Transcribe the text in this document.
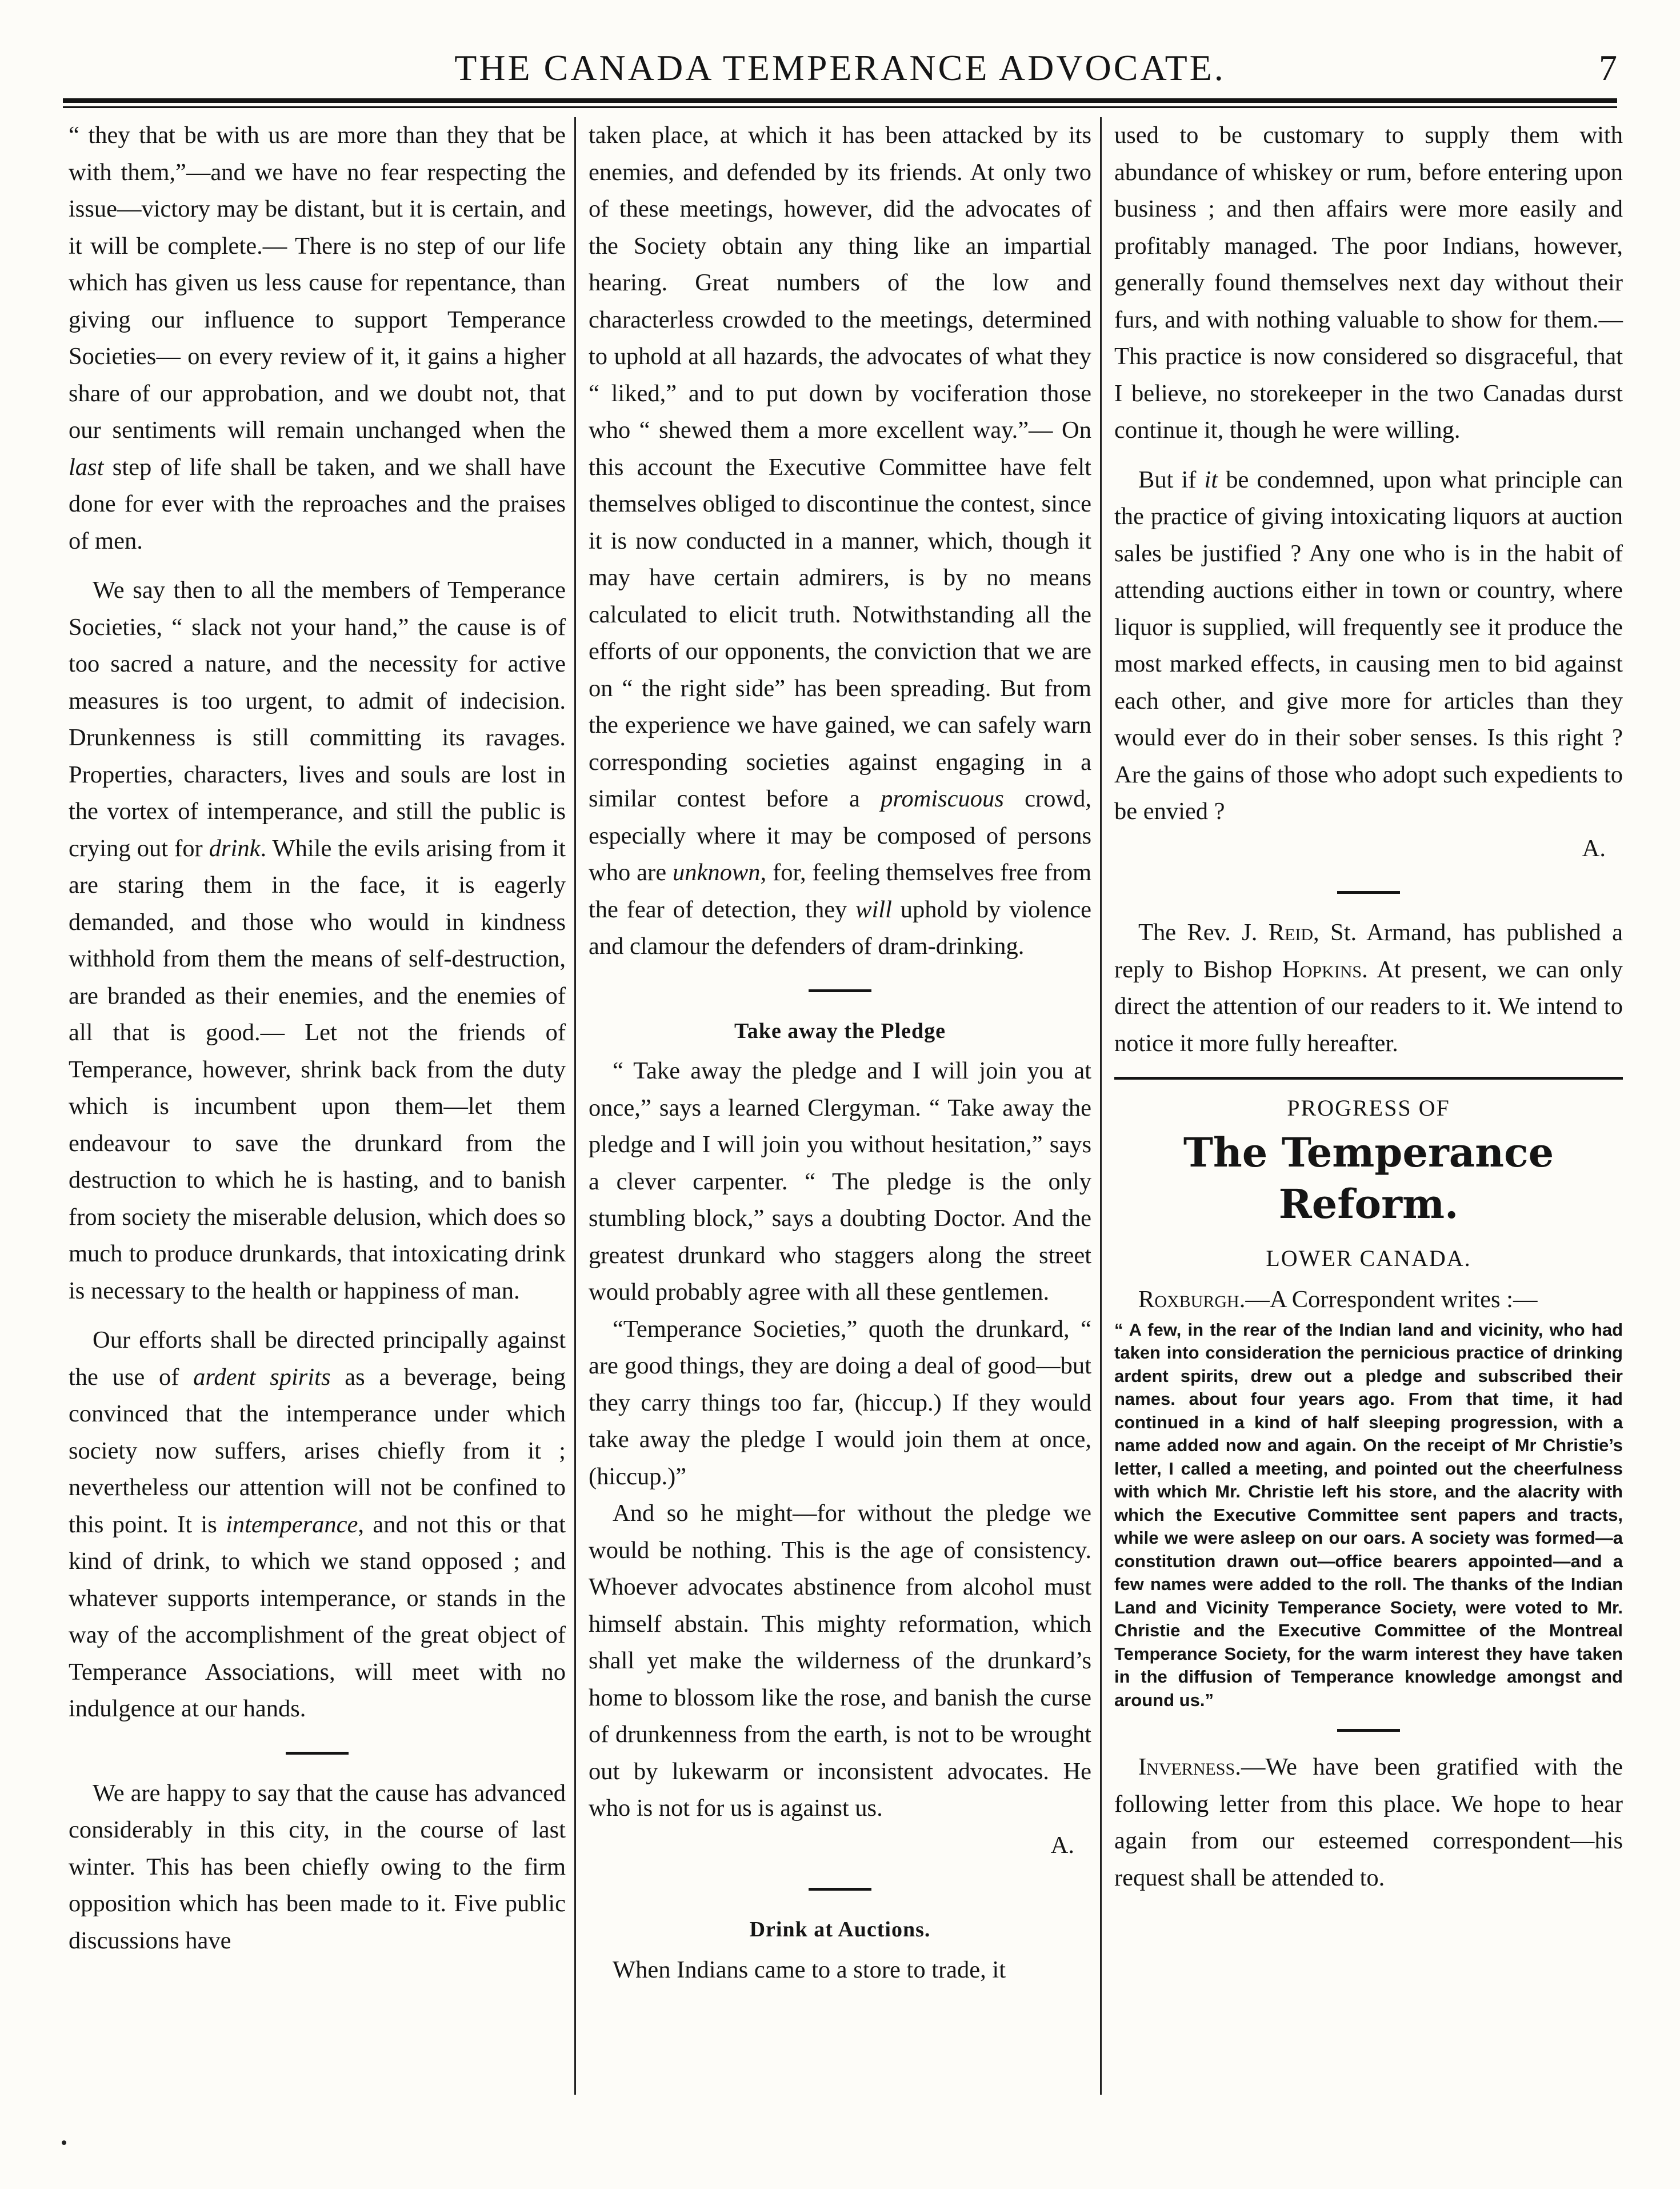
THE CANADA TEMPERANCE ADVOCATE.	7

“ they that be with us are more than they that be with them,”—and we have no fear respecting the issue—victory may be distant, but it is certain, and it will be complete.— There is no step of our life which has given us less cause for repentance, than giving our influence to support Temperance Societies— on every review of it, it gains a higher share of our approbation, and we doubt not, that our sentiments will remain unchanged when the last step of life shall be taken, and we shall have done for ever with the reproaches and the praises of men.

We say then to all the members of Temperance Societies, “ slack not your hand,” the cause is of too sacred a nature, and the necessity for active measures is too urgent, to admit of indecision. Drunkenness is still committing its ravages. Properties, characters, lives and souls are lost in the vortex of intemperance, and still the public is crying out for drink. While the evils arising from it are staring them in the face, it is eagerly demanded, and those who would in kindness withhold from them the means of self-destruction, are branded as their enemies, and the enemies of all that is good.— Let not the friends of Temperance, however, shrink back from the duty which is incumbent upon them—let them endeavour to save the drunkard from the destruction to which he is hasting, and to banish from society the miserable delusion, which does so much to produce drunkards, that intoxicating drink is necessary to the health or happiness of man.

Our efforts shall be directed principally against the use of ardent spirits as a beverage, being convinced that the intemperance under which society now suffers, arises chiefly from it ; nevertheless our attention will not be confined to this point. It is intemperance, and not this or that kind of drink, to which we stand opposed ; and whatever supports intemperance, or stands in the way of the accomplishment of the great object of Temperance Associations, will meet with no indulgence at our hands.

We are happy to say that the cause has advanced considerably in this city, in the course of last winter. This has been chiefly owing to the firm opposition which has been made to it. Five public discussions have

taken place, at which it has been attacked by its enemies, and defended by its friends. At only two of these meetings, however, did the advocates of the Society obtain any thing like an impartial hearing. Great numbers of the low and characterless crowded to the meetings, determined to uphold at all hazards, the advocates of what they “ liked,” and to put down by vociferation those who “ shewed them a more excellent way.”— On this account the Executive Committee have felt themselves obliged to discontinue the contest, since it is now conducted in a manner, which, though it may have certain admirers, is by no means calculated to elicit truth. Notwithstanding all the efforts of our opponents, the conviction that we are on “ the right side” has been spreading. But from the experience we have gained, we can safely warn corresponding societies against engaging in a similar contest before a promiscuous crowd, especially where it may be composed of persons who are unknown, for, feeling themselves free from the fear of detection, they will uphold by violence and clamour the defenders of dram-drinking.

Take away the Pledge

“ Take away the pledge and I will join you at once,” says a learned Clergyman. “ Take away the pledge and I will join you without hesitation,” says a clever carpenter. “ The pledge is the only stumbling block,” says a doubting Doctor. And the greatest drunkard who staggers along the street would probably agree with all these gentlemen.

“Temperance Societies,” quoth the drunkard, “ are good things, they are doing a deal of good—but they carry things too far, (hiccup.) If they would take away the pledge I would join them at once, (hiccup.)”

And so he might—for without the pledge we would be nothing. This is the age of consistency. Whoever advocates abstinence from alcohol must himself abstain. This mighty reformation, which shall yet make the wilderness of the drunkard’s home to blossom like the rose, and banish the curse of drunkenness from the earth, is not to be wrought out by lukewarm or inconsistent advocates. He who is not for us is against us.

A.
Drink at Auctions.

When Indians came to a store to trade, it

used to be customary to supply them with abundance of whiskey or rum, before entering upon business ; and then affairs were more easily and profitably managed. The poor Indians, however, generally found themselves next day without their furs, and with nothing valuable to show for them.— This practice is now considered so disgraceful, that I believe, no storekeeper in the two Canadas durst continue it, though he were willing.

But if it be condemned, upon what principle can the practice of giving intoxicating liquors at auction sales be justified ? Any one who is in the habit of attending auctions either in town or country, where liquor is supplied, will frequently see it produce the most marked effects, in causing men to bid against each other, and give more for articles than they would ever do in their sober senses. Is this right ? Are the gains of those who adopt such expedients to be envied ?

A.

The Rev. J. Reid, St. Armand, has published a reply to Bishop Hopkins. At present, we can only direct the attention of our readers to it. We intend to notice it more fully hereafter.

PROGRESS OF
The Temperance Reform.
LOWER CANADA.

Roxburgh.—A Correspondent writes :—

“ A few, in the rear of the Indian land and vicinity, who had taken into consideration the pernicious practice of drinking ardent spirits, drew out a pledge and subscribed their names. about four years ago. From that time, it had continued in a kind of half sleeping progression, with a name added now and again. On the receipt of Mr Christie’s letter, I called a meeting, and pointed out the cheerfulness with which Mr. Christie left his store, and the alacrity with which the Executive Committee sent papers and tracts, while we were asleep on our oars. A society was formed—a constitution drawn out—office bearers appointed—and a few names were added to the roll. The thanks of the Indian Land and Vicinity Temperance Society, were voted to Mr. Christie and the Executive Committee of the Montreal Temperance Society, for the warm interest they have taken in the diffusion of Temperance knowledge amongst and around us.”

Inverness.—We have been gratified with the following letter from this place. We hope to hear again from our esteemed correspondent—his request shall be attended to.
